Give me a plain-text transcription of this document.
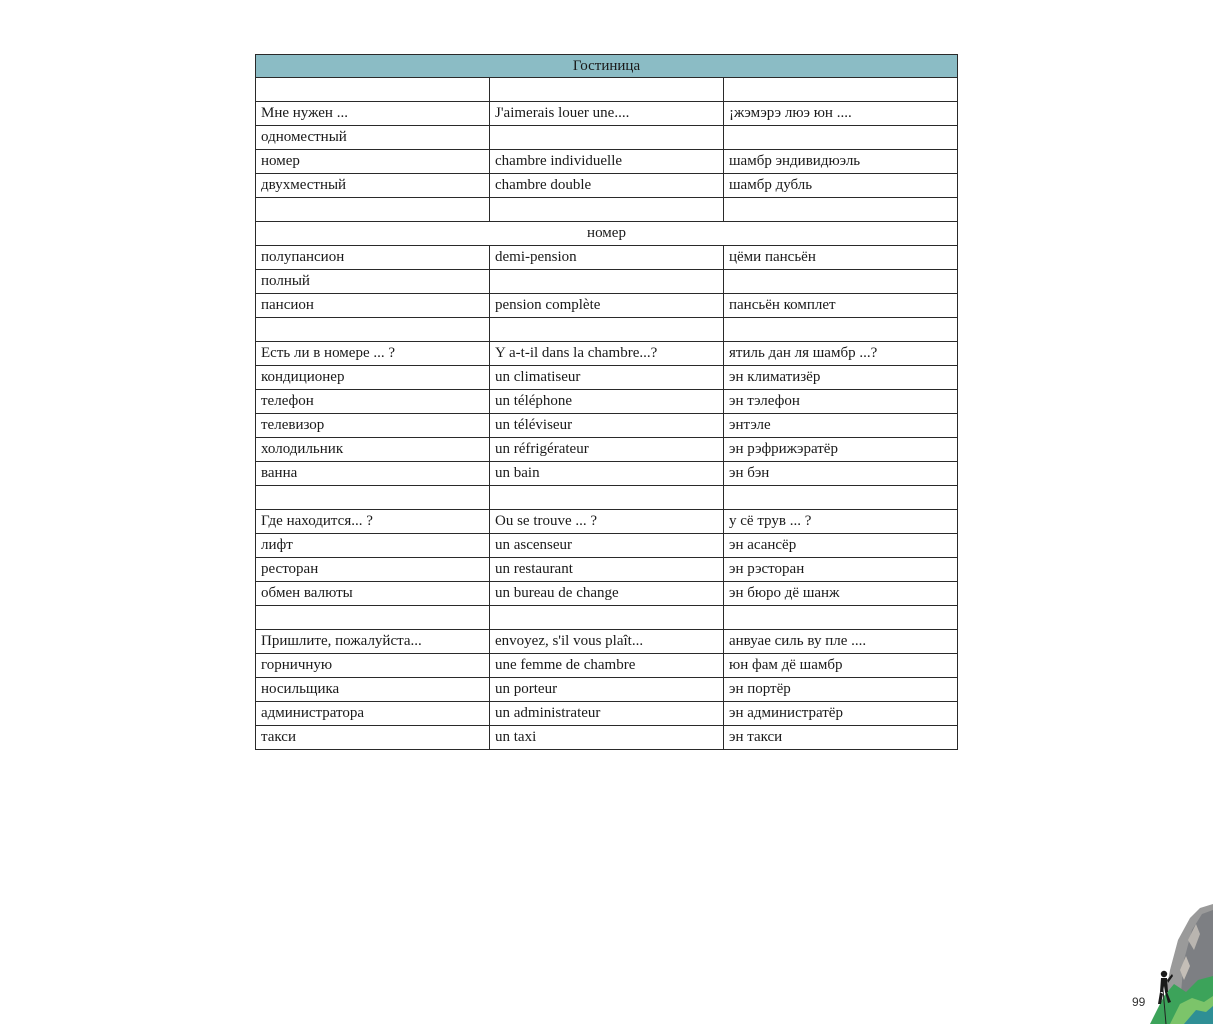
Гостиница		

Мне нужен ...	J'aimerais louer une....	¡жэмэрэ люэ юн ....
одноместный		
номер	chambre individuelle	шамбр эндивидюэль
двухместный	chambre double	шамбр дубль

номер		
полупансион	demi-pension	цёми пансьён
полный		
пансион	pension complète	пансьён комплет

Есть ли в номере ... ?	Y a-t-il dans la chambre...?	ятиль дан ля шамбр ...?
кондиционер	un climatiseur	эн климатизёр
телефон	un téléphone	эн тэлефон
телевизор	un téléviseur	энтэле
холодильник	un réfrigérateur	эн рэфрижэратёр
ванна	un bain	эн бэн

Где находится... ?	Ou se trouve ... ?	у сё трув ... ?
лифт	un ascenseur	эн асансёр
ресторан	un restaurant	эн рэсторан
обмен валюты	un bureau de change	эн бюро дё шанж

Пришлите, пожалуйста...	envoyez, s'il vous plaît...	анвуае силь ву пле ....
горничную	une femme de chambre	юн фам дё шамбр
носильщика	un porteur	эн портёр
администратора	un administrateur	эн администратёр
такси	un taxi	эн такси
99
